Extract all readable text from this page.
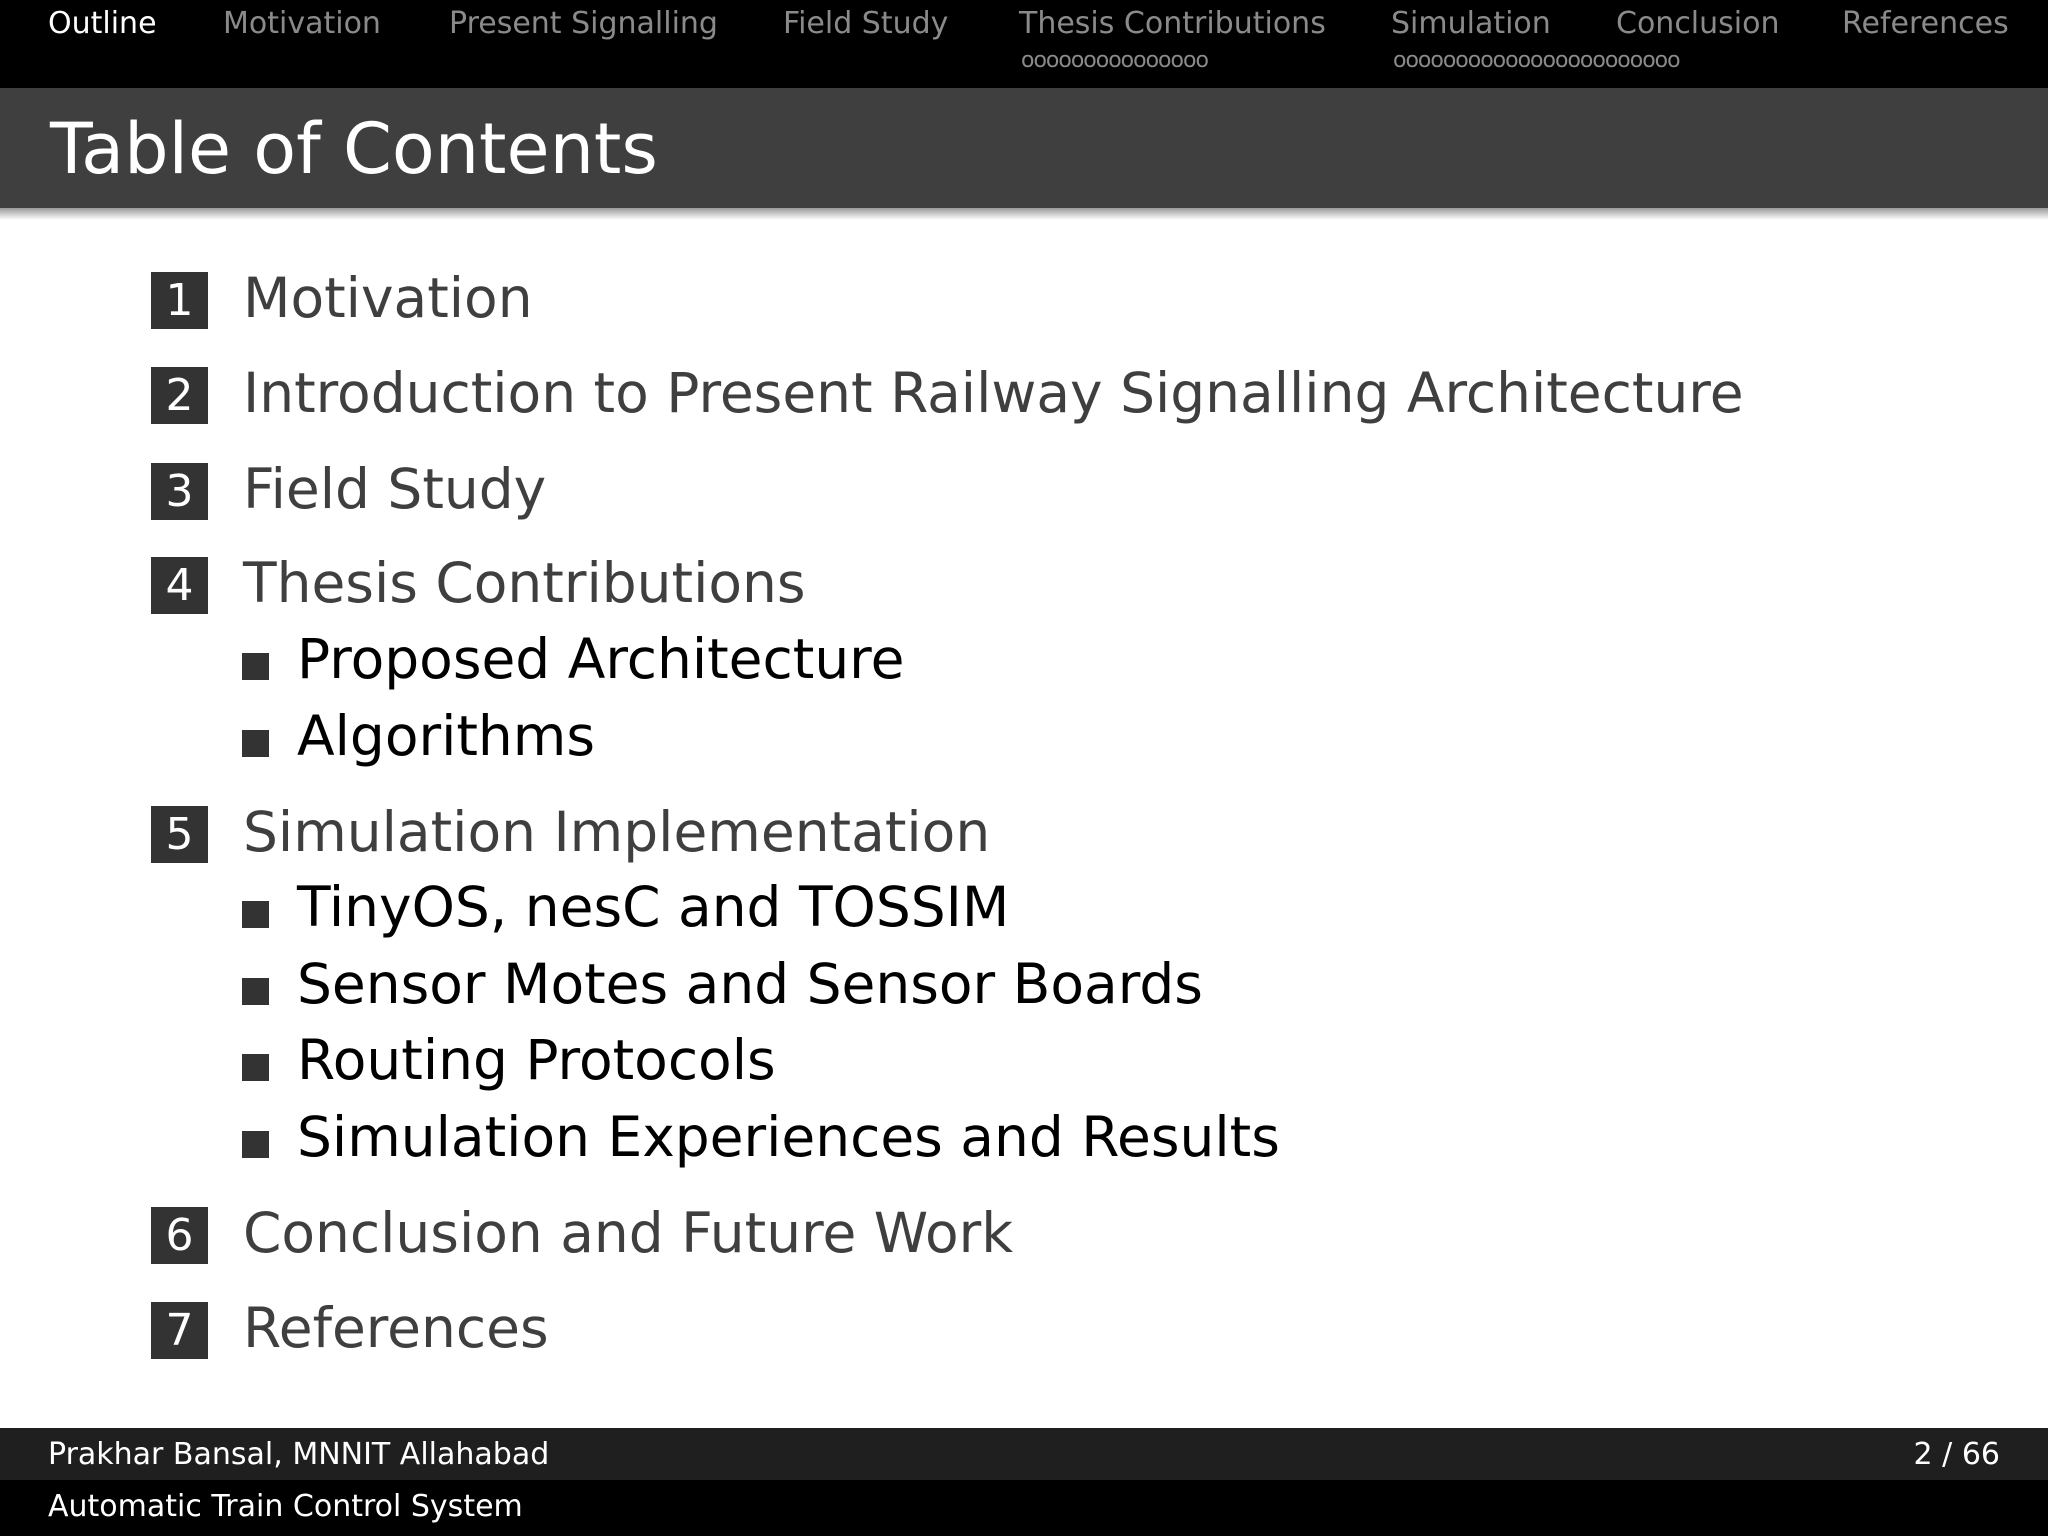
Outline Motivation Present Signalling Field Study Thesis Contributions
ooooooooooooooo
Simulation
ooooooooooooooooooooooo
Conclusion References
Table of Contents
1 Motivation
2 Introduction to Present Railway Signalling Architecture
3 Field Study
4 Thesis Contributions
Proposed Architecture
Algorithms
5 Simulation Implementation
TinyOS, nesC and TOSSIM
Sensor Motes and Sensor Boards
Routing Protocols
Simulation Experiences and Results
6 Conclusion and Future Work
7 References
Prakhar Bansal, MNNIT Allahabad	2 / 66
Automatic Train Control System
